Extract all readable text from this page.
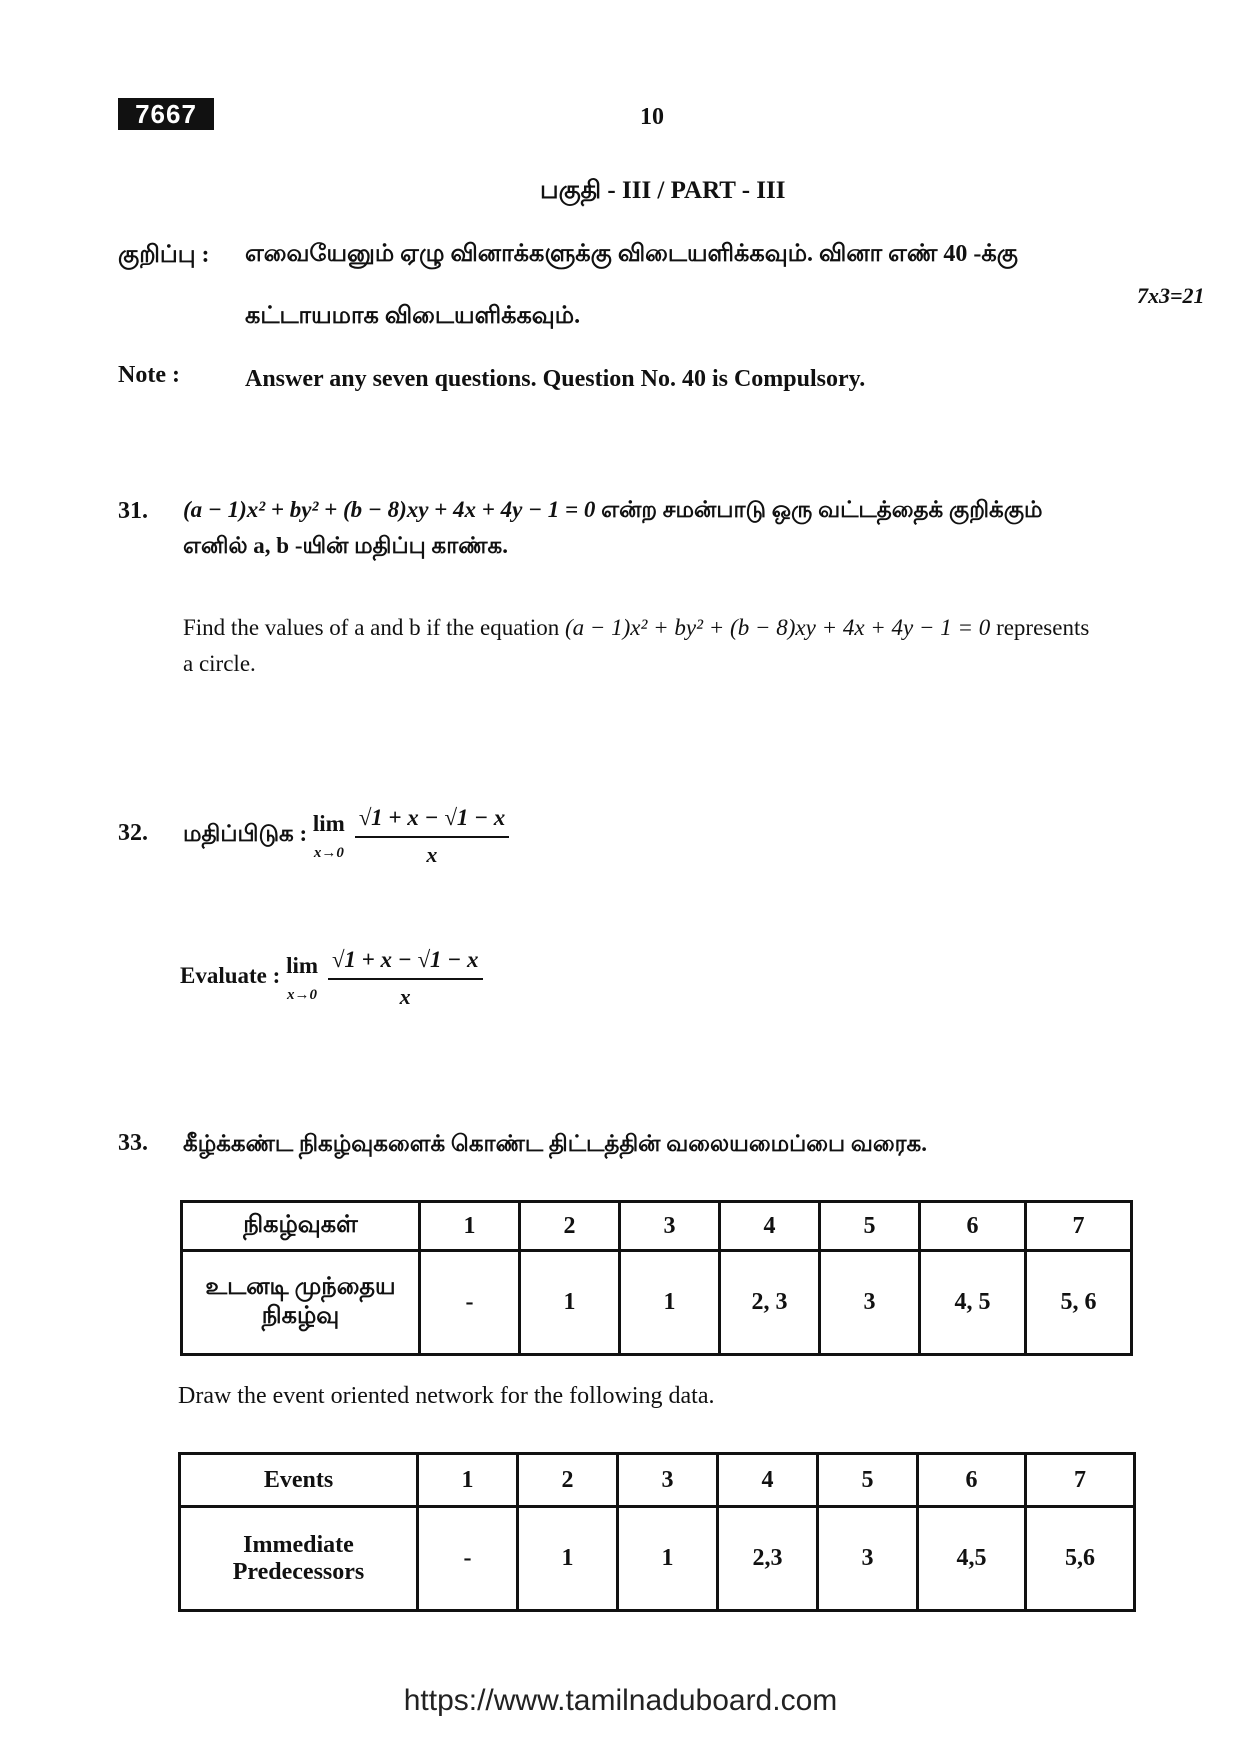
7667	10
பகுதி - III / PART - III
குறிப்பு : எவையேனும் ஏழு வினாக்களுக்கு விடையளிக்கவும். வினா எண் 40 -க்கு
கட்டாயமாக விடையளிக்கவும்.
7x3=21
Note :	Answer any seven questions. Question No. 40 is Compulsory.
31. (a − 1)x² + by² + (b − 8)xy + 4x + 4y − 1 = 0 என்ற சமன்பாடு ஒரு வட்டத்தைக் குறிக்கும்
எனில் a, b -யின் மதிப்பு காண்க.
Find the values of a and b if the equation (a − 1)x² + by² + (b − 8)xy + 4x + 4y − 1 = 0 represents
a circle.
32. மதிப்பிடுக : lim
x→0
$\frac{√1 + x - √1 - x}{x}$
Evaluate : lim
x→0
$\frac{√1 + x - √1 - x}{x}$
33. கீழ்க்கண்ட நிகழ்வுகளைக் கொண்ட திட்டத்தின் வலையமைப்பை வரைக.
நிகழ்வுகள்	1	2	3	4	5	6	7
உடனடி முந்தைய நிகழ்வு	-	1	1	2, 3	3	4, 5	5, 6
Draw the event oriented network for the following data.
Events	1	2	3	4	5	6	7
Immediate Predecessors	-	1	1	2,3	3	4,5	5,6
https://www.tamilnaduboard.com
